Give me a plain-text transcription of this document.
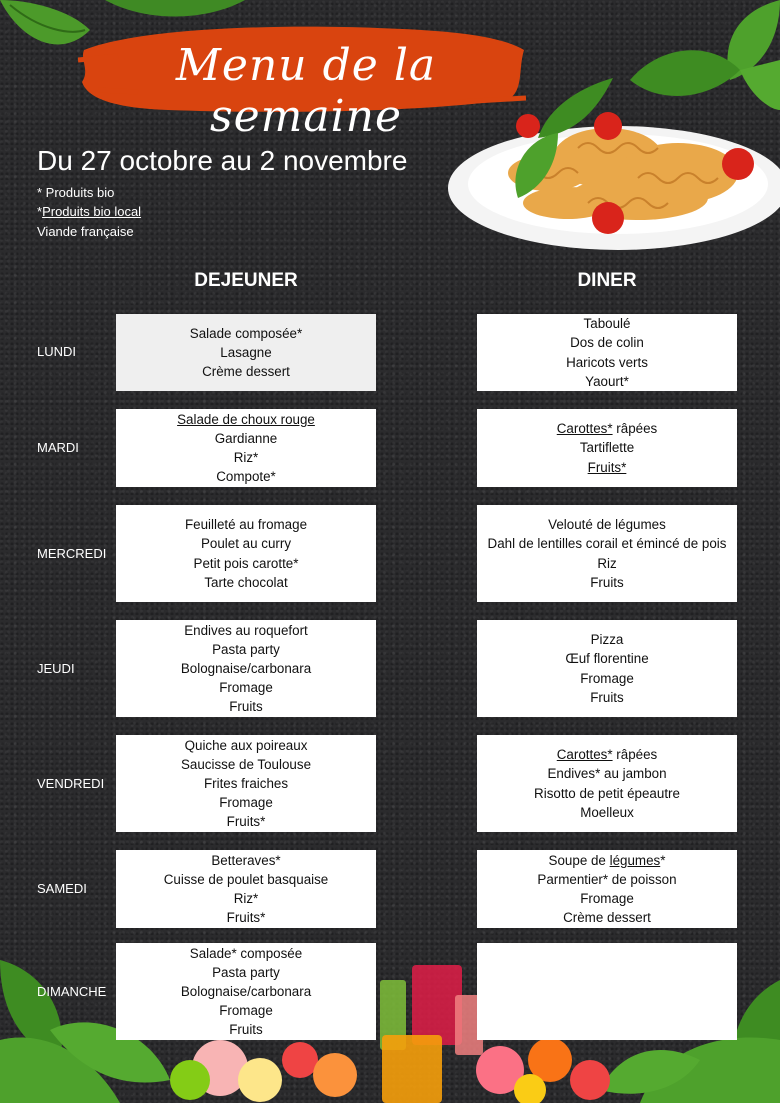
Menu de la semaine
Du 27 octobre au 2 novembre
* Produits bio
*Produits bio local
Viande française
DEJEUNER	DINER
LUNDI
Salade composée*
Lasagne
Crème dessert
Taboulé
Dos de colin
Haricots verts
Yaourt*
MARDI
Salade de choux rouge
Gardianne
Riz*
Compote*
Carottes* râpées
Tartiflette
Fruits*
MERCREDI
Feuilleté au fromage
Poulet au curry
Petit pois carotte*
Tarte chocolat
Velouté de légumes
Dahl de lentilles corail et émincé de pois
Riz
Fruits
JEUDI
Endives au roquefort
Pasta party
Bolognaise/carbonara
Fromage
Fruits
Pizza
Œuf florentine
Fromage
Fruits
VENDREDI
Quiche aux poireaux
Saucisse de Toulouse
Frites fraiches
Fromage
Fruits*
Carottes* râpées
Endives* au jambon
Risotto de petit épeautre
Moelleux
SAMEDI
Betteraves*
Cuisse de poulet basquaise
Riz*
Fruits*
Soupe de légumes*
Parmentier* de poisson
Fromage
Crème dessert
DIMANCHE
Salade* composée
Pasta party
Bolognaise/carbonara
Fromage
Fruits
